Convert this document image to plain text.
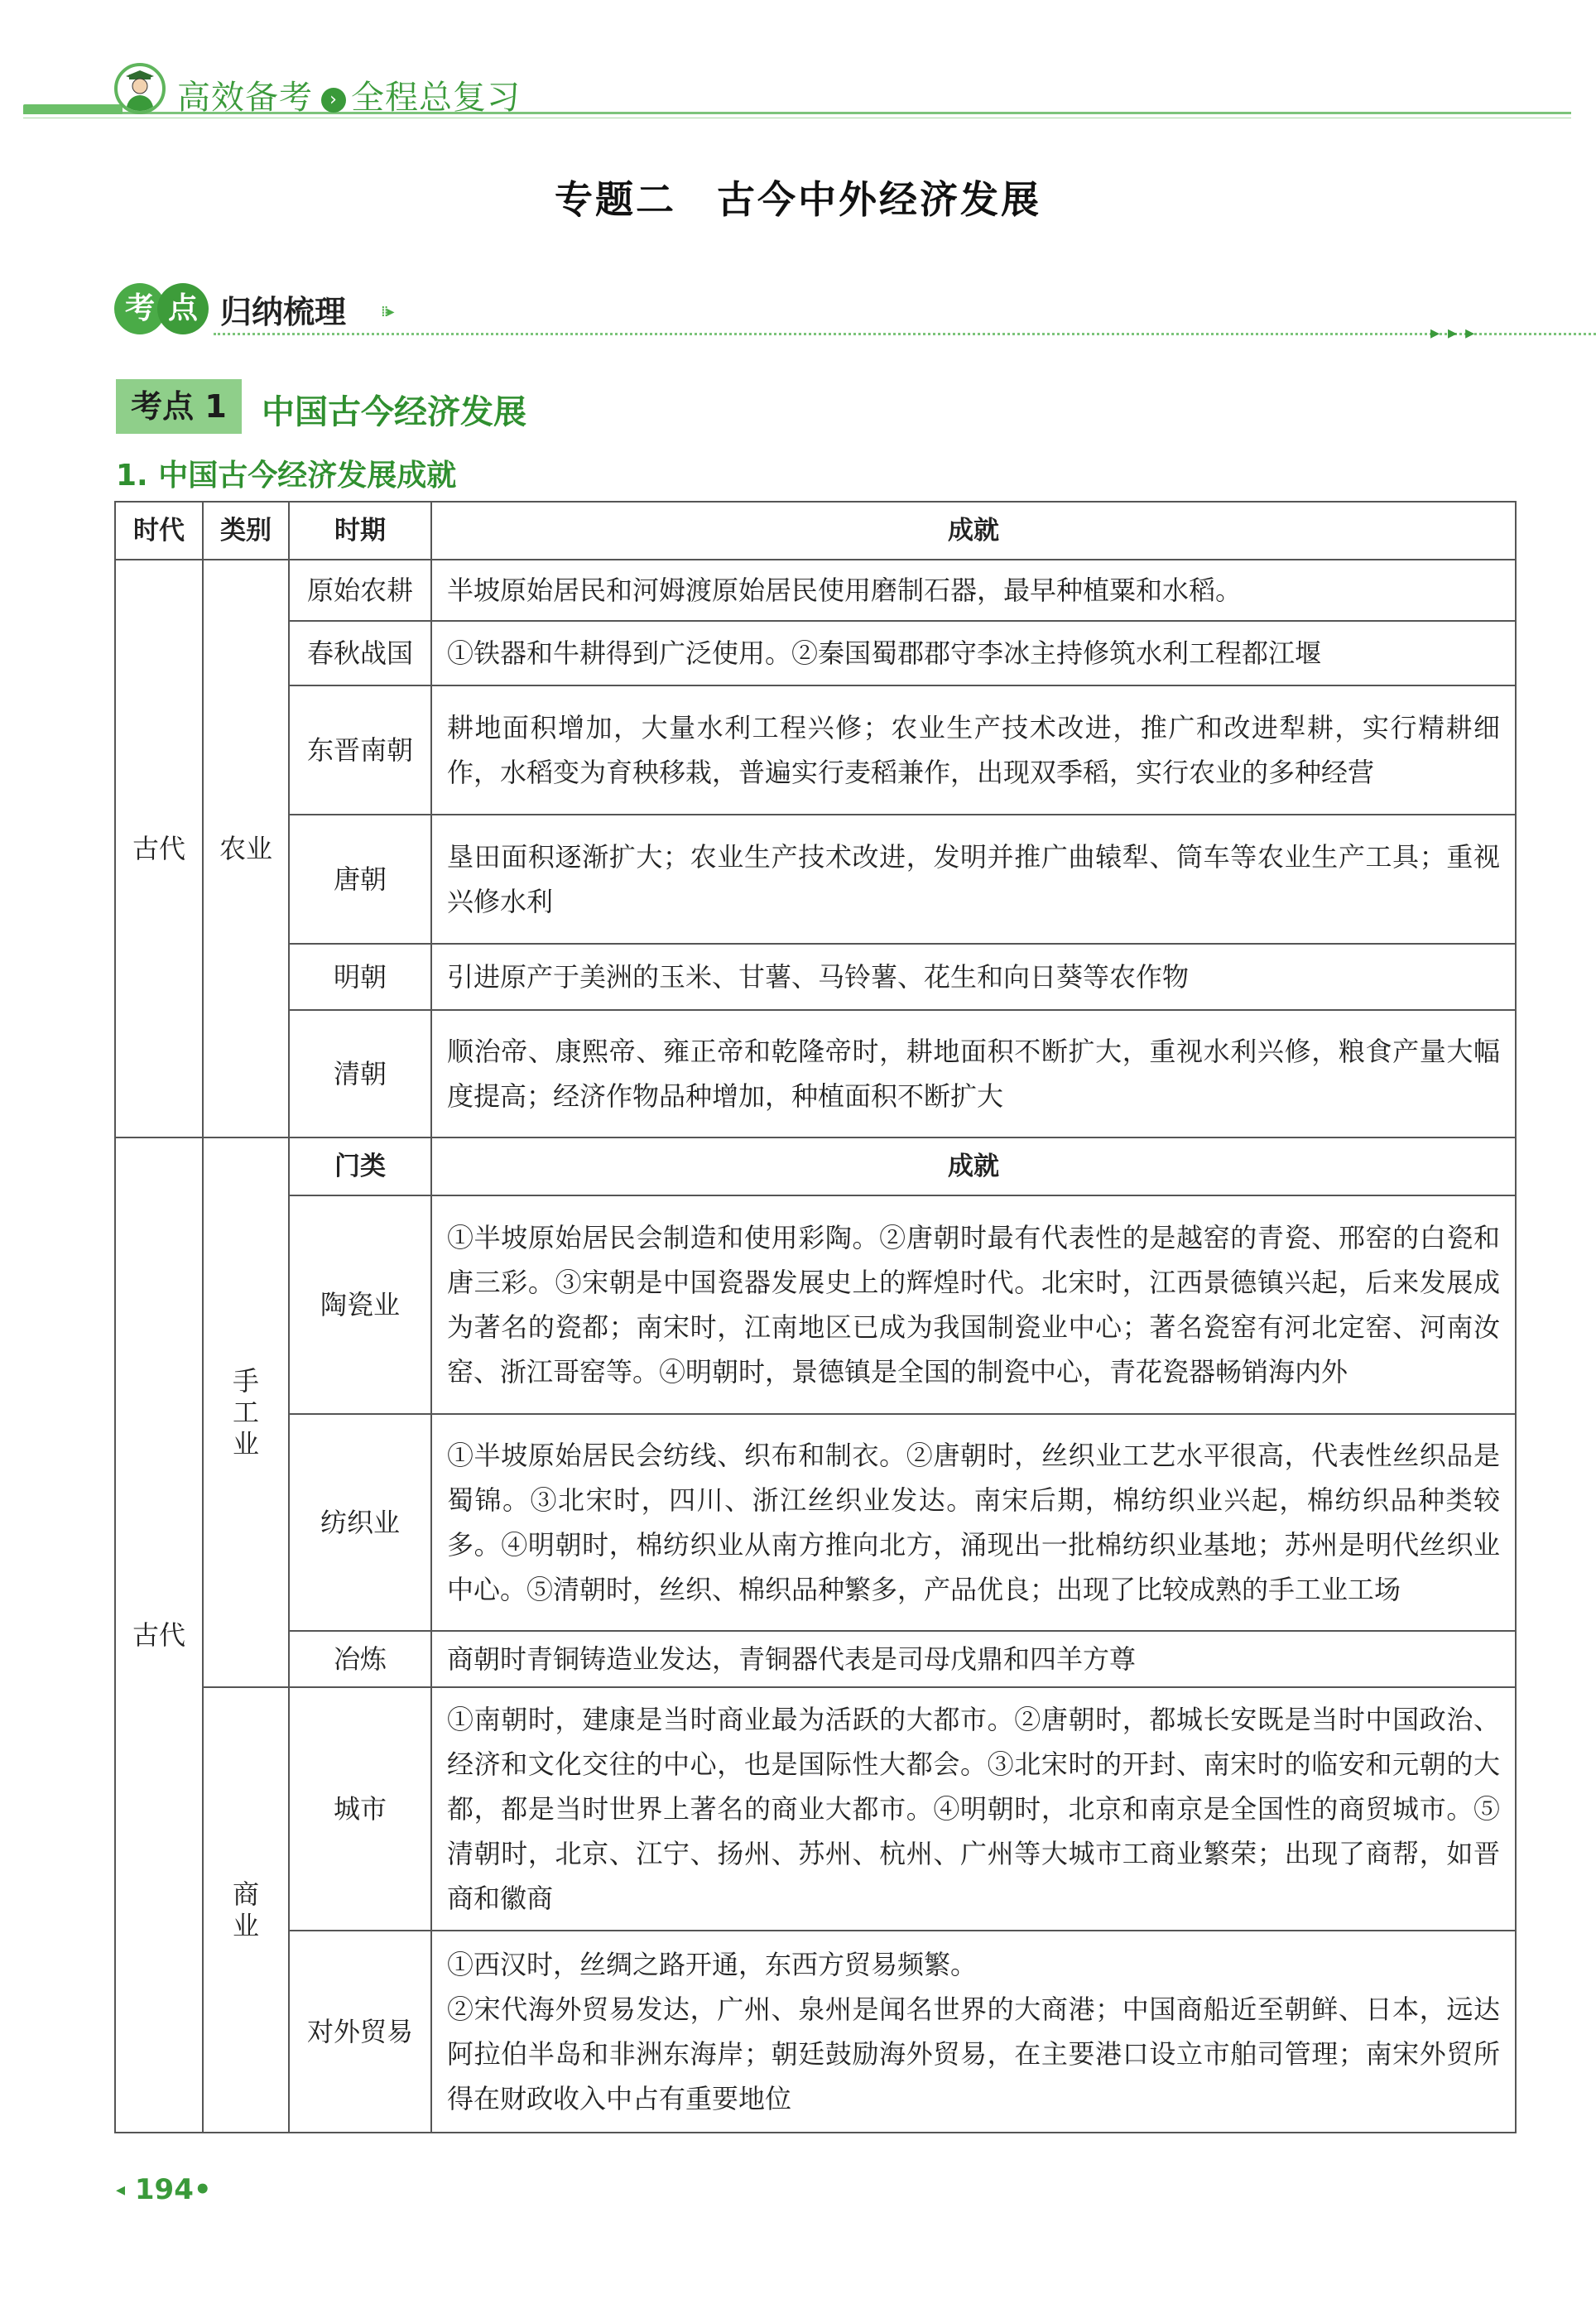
高效备考 › 全程总复习
专题二　古今中外经济发展
考 点 归纳梳理 ⁞⁞▸
▸▸▸
考点 1	中国古今经济发展
1. 中国古今经济发展成就
时代	类别	时期	成就
古代	农业	原始农耕	半坡原始居民和河姆渡原始居民使用磨制石器，最早种植粟和水稻。
		春秋战国	①铁器和牛耕得到广泛使用。②秦国蜀郡郡守李冰主持修筑水利工程都江堰
		东晋南朝	耕地面积增加，大量水利工程兴修；农业生产技术改进，推广和改进犁耕，实行精耕细作，水稻变为育秧移栽，普遍实行麦稻兼作，出现双季稻，实行农业的多种经营
		唐朝	垦田面积逐渐扩大；农业生产技术改进，发明并推广曲辕犁、筒车等农业生产工具；重视兴修水利
		明朝	引进原产于美洲的玉米、甘薯、马铃薯、花生和向日葵等农作物
		清朝	顺治帝、康熙帝、雍正帝和乾隆帝时，耕地面积不断扩大，重视水利兴修，粮食产量大幅度提高；经济作物品种增加，种植面积不断扩大
古代	手工业	门类	成就
		陶瓷业	①半坡原始居民会制造和使用彩陶。②唐朝时最有代表性的是越窑的青瓷、邢窑的白瓷和唐三彩。③宋朝是中国瓷器发展史上的辉煌时代。北宋时，江西景德镇兴起，后来发展成为著名的瓷都；南宋时，江南地区已成为我国制瓷业中心；著名瓷窑有河北定窑、河南汝窑、浙江哥窑等。④明朝时，景德镇是全国的制瓷中心，青花瓷器畅销海内外
		纺织业	①半坡原始居民会纺线、织布和制衣。②唐朝时，丝织业工艺水平很高，代表性丝织品是蜀锦。③北宋时，四川、浙江丝织业发达。南宋后期，棉纺织业兴起，棉纺织品种类较多。④明朝时，棉纺织业从南方推向北方，涌现出一批棉纺织业基地；苏州是明代丝织业中心。⑤清朝时，丝织、棉织品种繁多，产品优良；出现了比较成熟的手工业工场
		冶炼	商朝时青铜铸造业发达，青铜器代表是司母戊鼎和四羊方尊
	商业	城市	①南朝时，建康是当时商业最为活跃的大都市。②唐朝时，都城长安既是当时中国政治、经济和文化交往的中心，也是国际性大都会。③北宋时的开封、南宋时的临安和元朝的大都，都是当时世界上著名的商业大都市。④明朝时，北京和南京是全国性的商贸城市。⑤清朝时，北京、江宁、扬州、苏州、杭州、广州等大城市工商业繁荣；出现了商帮，如晋商和徽商
		对外贸易	①西汉时，丝绸之路开通，东西方贸易频繁。
②宋代海外贸易发达，广州、泉州是闻名世界的大商港；中国商船近至朝鲜、日本，远达阿拉伯半岛和非洲东海岸；朝廷鼓励海外贸易，在主要港口设立市舶司管理；南宋外贸所得在财政收入中占有重要地位
◂ 194•
